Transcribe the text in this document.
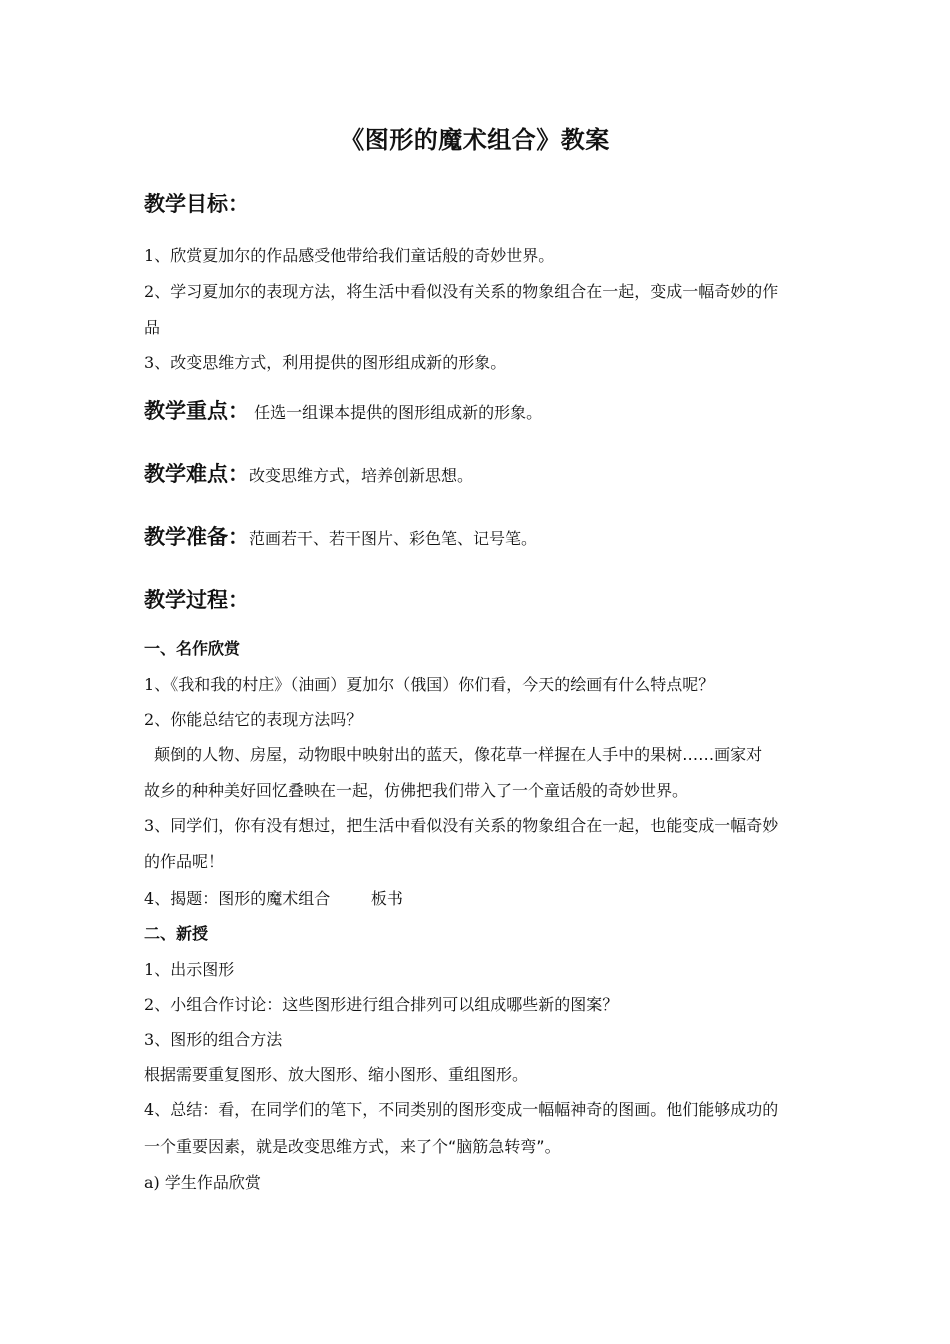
《图形的魔术组合》教案
教学目标：
1、欣赏夏加尔的作品感受他带给我们童话般的奇妙世界。
2、学习夏加尔的表现方法，将生活中看似没有关系的物象组合在一起，变成一幅奇妙的作
品
3、改变思维方式，利用提供的图形组成新的形象。
教学重点： 任选一组课本提供的图形组成新的形象。
教学难点：改变思维方式，培养创新思想。
教学准备：范画若干、若干图片、彩色笔、记号笔。
教学过程：
一、名作欣赏
1、《我和我的村庄》（油画）夏加尔（俄国）你们看，今天的绘画有什么特点呢？
2、你能总结它的表现方法吗？
颠倒的人物、房屋，动物眼中映射出的蓝天，像花草一样握在人手中的果树……画家对
故乡的种种美好回忆叠映在一起，仿佛把我们带入了一个童话般的奇妙世界。
3、同学们，你有没有想过，把生活中看似没有关系的物象组合在一起，也能变成一幅奇妙
的作品呢！
4、揭题：图形的魔术组合        板书
二、新授
1、出示图形
2、小组合作讨论：这些图形进行组合排列可以组成哪些新的图案？
3、图形的组合方法
根据需要重复图形、放大图形、缩小图形、重组图形。
4、总结：看，在同学们的笔下，不同类别的图形变成一幅幅神奇的图画。他们能够成功的
一个重要因素，就是改变思维方式，来了个“脑筋急转弯”。
a) 学生作品欣赏
